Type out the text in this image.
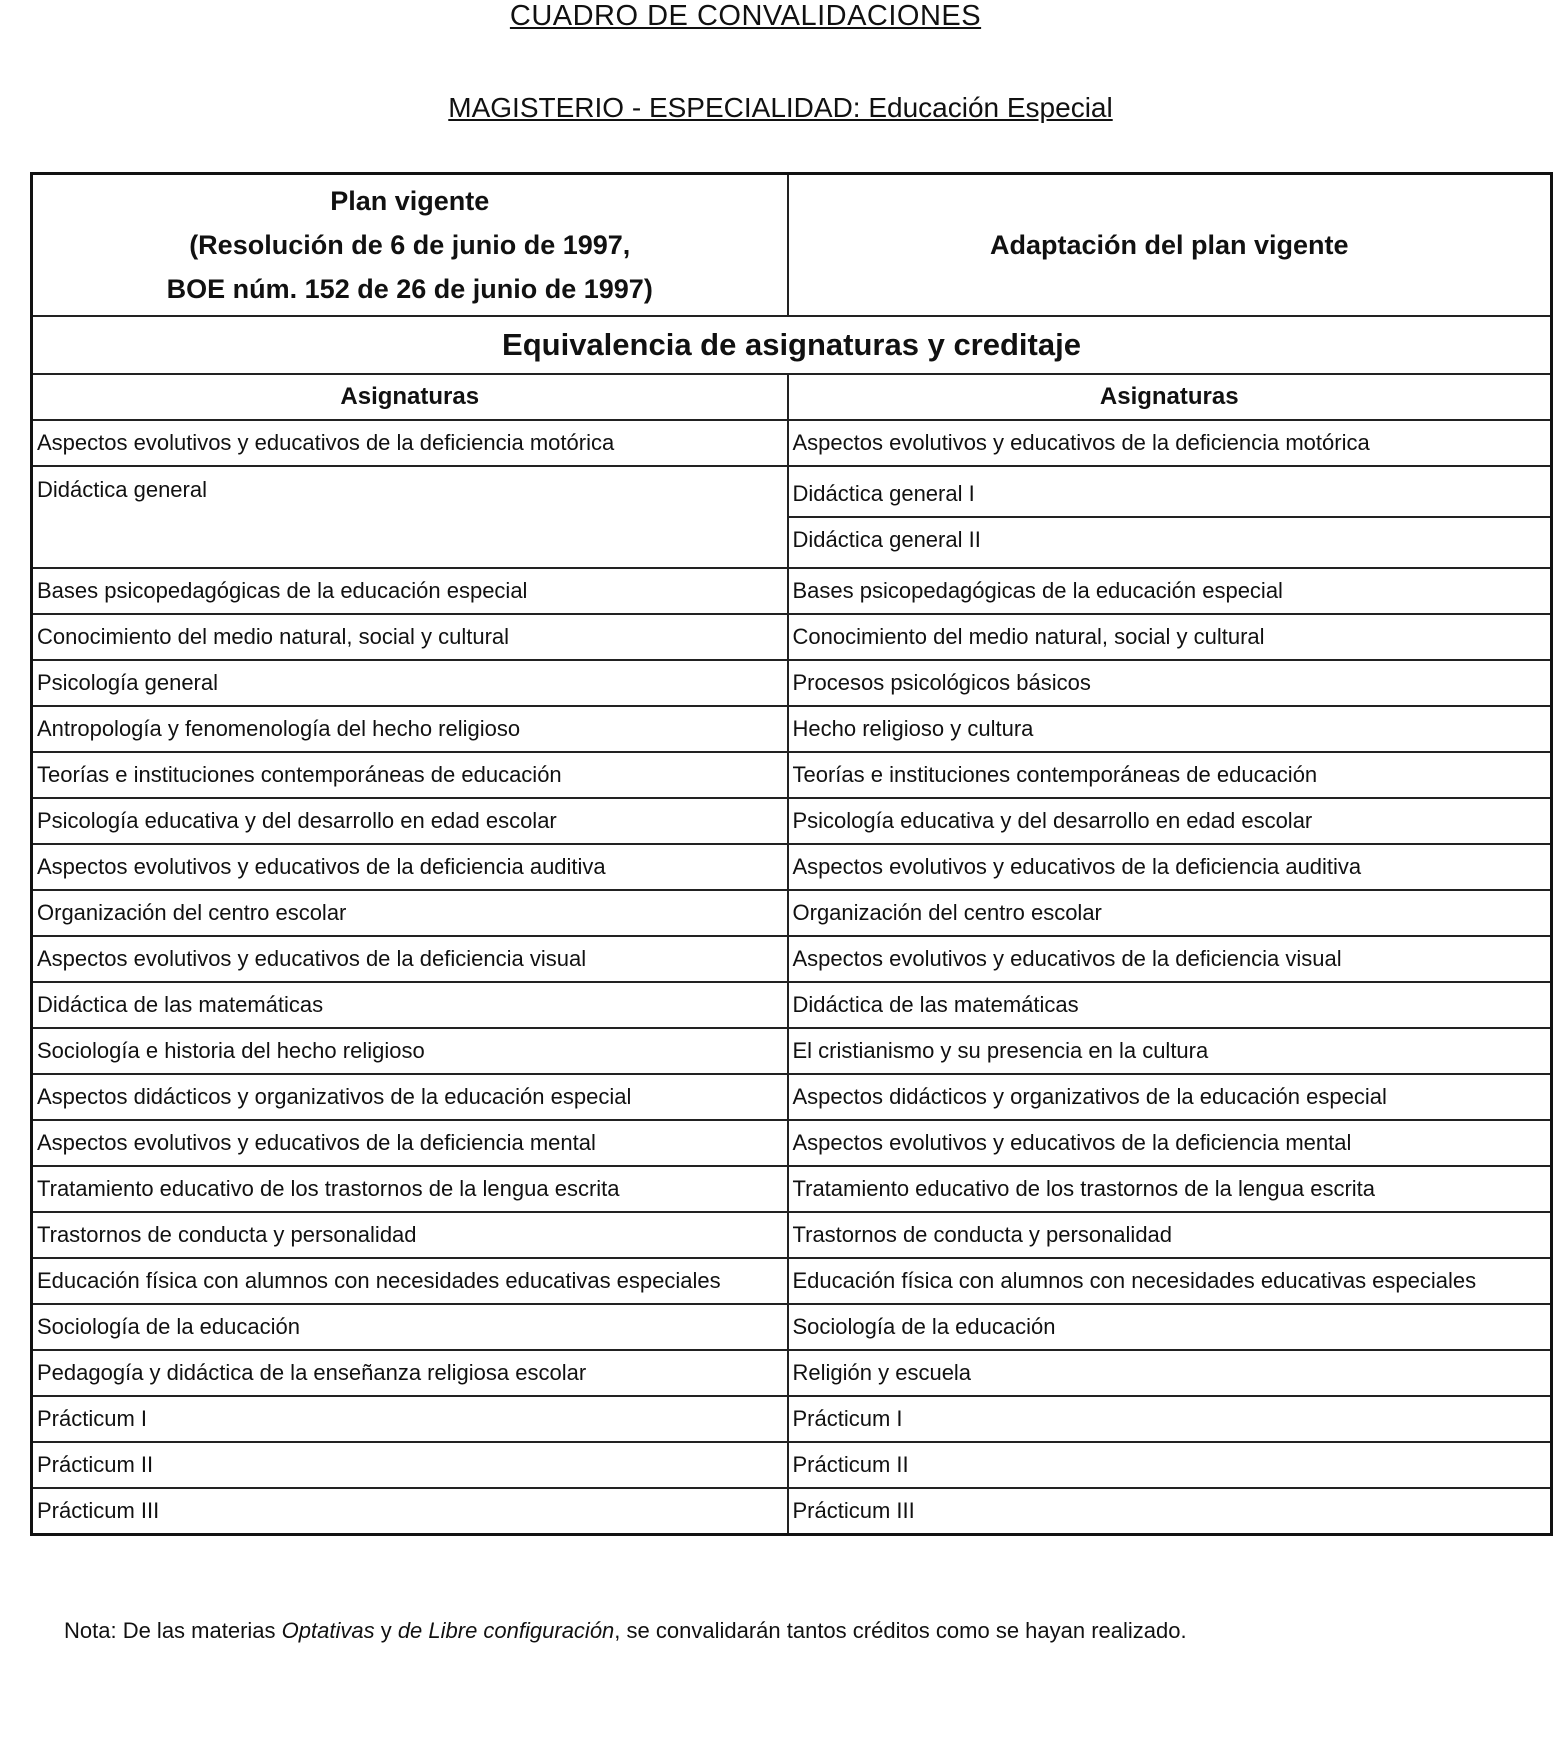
CUADRO DE CONVALIDACIONES
MAGISTERIO - ESPECIALIDAD: Educación Especial
Plan vigente
(Resolución de 6 de junio de 1997,
BOE núm. 152 de 26 de junio de 1997)	Adaptación del plan vigente

Equivalencia de asignaturas y creditaje	
Asignaturas	Asignaturas
Aspectos evolutivos y educativos de la deficiencia motórica	Aspectos evolutivos y educativos de la deficiencia motórica
Didáctica general	Didáctica general I
Didáctica general II

Bases psicopedagógicas de la educación especial	Bases psicopedagógicas de la educación especial
Conocimiento del medio natural, social y cultural	Conocimiento del medio natural, social y cultural
Psicología general	Procesos psicológicos básicos
Antropología y fenomenología del hecho religioso	Hecho religioso y cultura
Teorías e instituciones contemporáneas de educación	Teorías e instituciones contemporáneas de educación
Psicología educativa y del desarrollo en edad escolar	Psicología educativa y del desarrollo en edad escolar
Aspectos evolutivos y educativos de la deficiencia auditiva	Aspectos evolutivos y educativos de la deficiencia auditiva
Organización del centro escolar	Organización del centro escolar
Aspectos evolutivos y educativos de la deficiencia visual	Aspectos evolutivos y educativos de la deficiencia visual
Didáctica de las matemáticas	Didáctica de las matemáticas
Sociología e historia del hecho religioso	El cristianismo y su presencia en la cultura
Aspectos didácticos y organizativos de la educación especial	Aspectos didácticos y organizativos de la educación especial
Aspectos evolutivos y educativos de la deficiencia mental	Aspectos evolutivos y educativos de la deficiencia mental
Tratamiento educativo de los trastornos de la lengua escrita	Tratamiento educativo de los trastornos de la lengua escrita
Trastornos de conducta y personalidad	Trastornos de conducta y personalidad
Educación física con alumnos con necesidades educativas especiales	Educación física con alumnos con necesidades educativas especiales
Sociología de la educación	Sociología de la educación
Pedagogía y didáctica de la enseñanza religiosa escolar	Religión y escuela
Prácticum I	Prácticum I
Prácticum II	Prácticum II
Prácticum III	Prácticum III

Nota: De las materias Optativas y de Libre configuración, se convalidarán tantos créditos como se hayan realizado.
